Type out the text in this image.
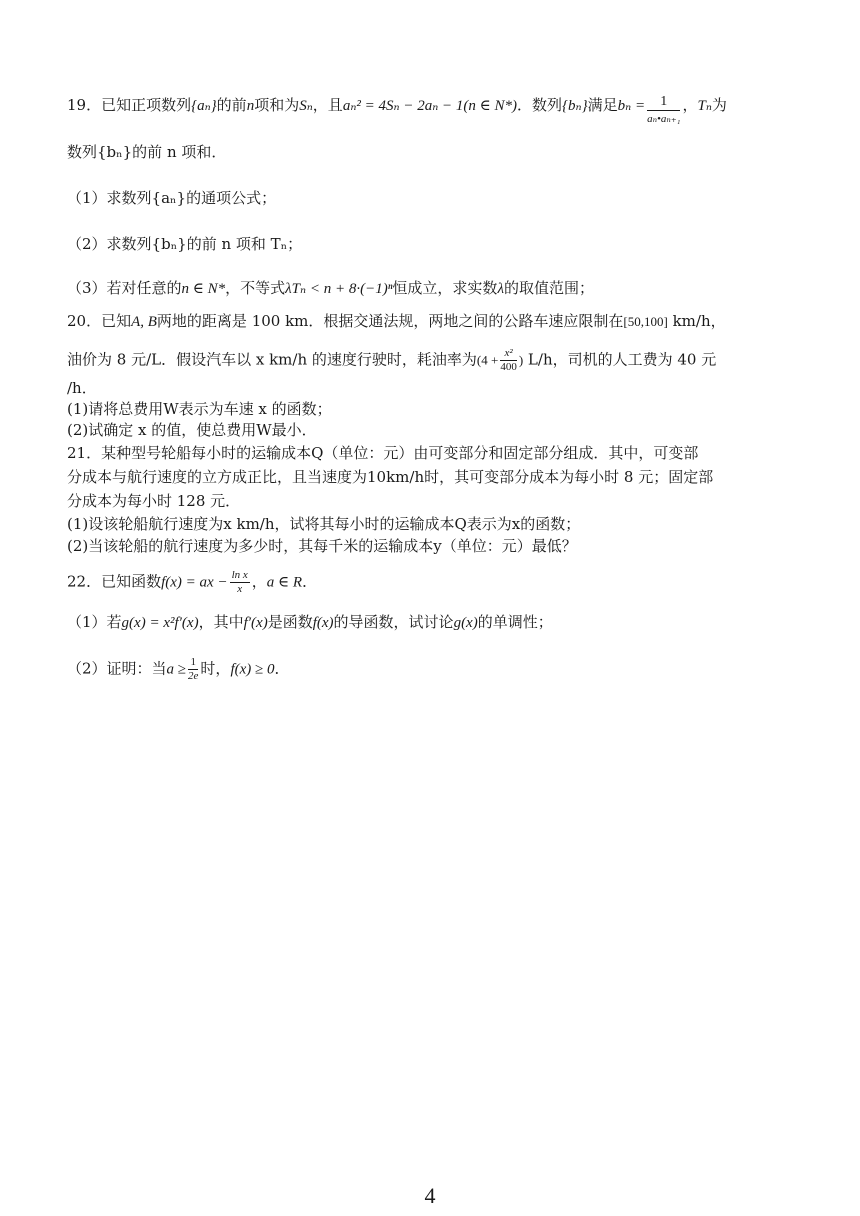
19．已知正项数列{aₙ}的前n项和为Sₙ，且aₙ² = 4Sₙ − 2aₙ − 1(n ∈ N*)．数列{bₙ}满足$b_n = \frac{1}{\text{aₙ•aₙ₊₁}}$ ，Tₙ为
数列{bₙ}的前 n 项和．
（1）求数列{aₙ}的通项公式；
（2）求数列{bₙ}的前 n 项和 Tₙ；
（3）若对任意的n ∈ N*，不等式λTₙ < n + 8·(−1)ⁿ恒成立，求实数λ的取值范围；
20．已知A, B两地的距离是 100 km．根据交通法规，两地之间的公路车速应限制在[50,100] km/h，
油价为 8 元/L．假设汽车以 x km/h 的速度行驶时，耗油率为($4 + \frac{\text{x²}}{400}$ ) L/h，司机的人工费为 40 元
/h．
(1)请将总费用W表示为车速 x 的函数；
(2)试确定 x 的值，使总费用W最小．
21．某种型号轮船每小时的运输成本Q（单位：元）由可变部分和固定部分组成．其中，可变部
分成本与航行速度的立方成正比，且当速度为10km/h时，其可变部分成本为每小时 8 元；固定部
分成本为每小时 128 元．
(1)设该轮船航行速度为x km/h，试将其每小时的运输成本Q表示为x的函数；
(2)当该轮船的航行速度为多少时，其每千米的运输成本y（单位：元）最低？
22．已知函数f(x) = ax − $\frac{\text{ln x}}{x}$ ，a ∈ R．
（1）若g(x) = x²f′(x)，其中f′(x)是函数f(x)的导函数，试讨论g(x)的单调性；
（2）证明：当$a \ge \frac{1}{2e}$ 时，f(x) ≥ 0．
4
